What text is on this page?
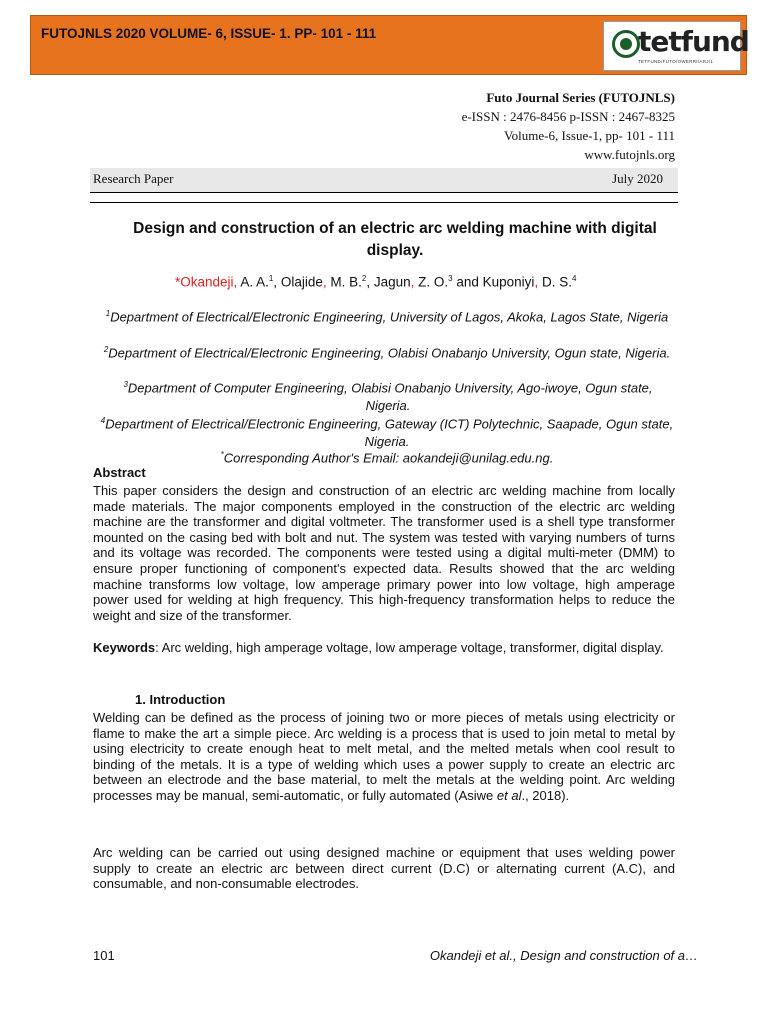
FUTOJNLS 2020 VOLUME- 6, ISSUE- 1. PP- 101 - 111	tetfund
TETFUND/FUTO/OWERRI/ARJ/1
Futo Journal Series (FUTOJNLS)
e-ISSN : 2476-8456 p-ISSN : 2467-8325
Volume-6, Issue-1, pp- 101 - 111
www.futojnls.org
Research Paper	July 2020
Design and construction of an electric arc welding machine with digital display.
*Okandeji, A. A.$^1$, Olajide, M. B.$^2$, Jagun, Z. O.$^3$ and Kuponiyi, D. S.$^4$
$^1$Department of Electrical/Electronic Engineering, University of Lagos, Akoka, Lagos State, Nigeria
$^2$Department of Electrical/Electronic Engineering, Olabisi Onabanjo University, Ogun state, Nigeria.
$^3$Department of Computer Engineering, Olabisi Onabanjo University, Ago-iwoye, Ogun state, Nigeria.
$^4$Department of Electrical/Electronic Engineering, Gateway (ICT) Polytechnic, Saapade, Ogun state, Nigeria.
*Corresponding Author's Email: aokandeji@unilag.edu.ng.
Abstract
This paper considers the design and construction of an electric arc welding machine from locally made materials. The major components employed in the construction of the electric arc welding machine are the transformer and digital voltmeter. The transformer used is a shell type transformer mounted on the casing bed with bolt and nut. The system was tested with varying numbers of turns and its voltage was recorded. The components were tested using a digital multi-meter (DMM) to ensure proper functioning of component's expected data. Results showed that the arc welding machine transforms low voltage, low amperage primary power into low voltage, high amperage power used for welding at high frequency. This high-frequency transformation helps to reduce the weight and size of the transformer.
Keywords: Arc welding, high amperage voltage, low amperage voltage, transformer, digital display.
1. Introduction
Welding can be defined as the process of joining two or more pieces of metals using electricity or flame to make the art a simple piece. Arc welding is a process that is used to join metal to metal by using electricity to create enough heat to melt metal, and the melted metals when cool result to binding of the metals. It is a type of welding which uses a power supply to create an electric arc between an electrode and the base material, to melt the metals at the welding point. Arc welding processes may be manual, semi-automatic, or fully automated (Asiwe et al., 2018).
Arc welding can be carried out using designed machine or equipment that uses welding power supply to create an electric arc between direct current (D.C) or alternating current (A.C), and consumable, and non-consumable electrodes.
101	Okandeji et al., Design and construction of a…
